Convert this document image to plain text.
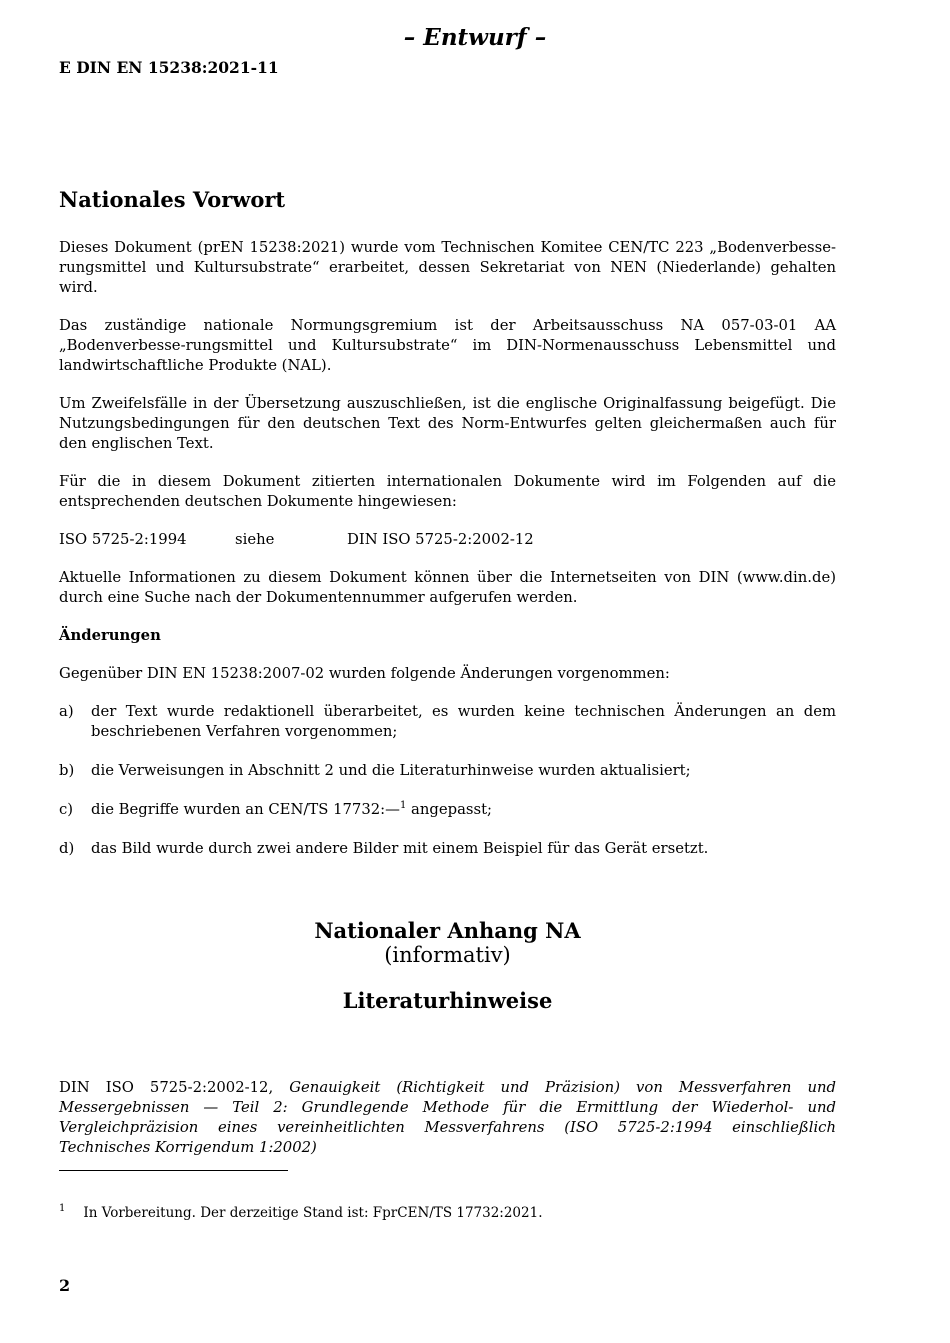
– Entwurf –
E DIN EN 15238:2021-11
Nationales Vorwort

Dieses Dokument (prEN 15238:2021) wurde vom Technischen Komitee CEN/TC 223 „Bodenverbesse-rungsmittel und Kultursubstrate“ erarbeitet, dessen Sekretariat von NEN (Niederlande) gehalten wird.

Das zuständige nationale Normungsgremium ist der Arbeitsausschuss NA 057-03-01 AA „Bodenverbesse-rungsmittel und Kultursubstrate“ im DIN-Normenausschuss Lebensmittel und landwirtschaftliche Produkte (NAL).

Um Zweifelsfälle in der Übersetzung auszuschließen, ist die englische Originalfassung beigefügt. Die Nutzungsbedingungen für den deutschen Text des Norm-Entwurfes gelten gleichermaßen auch für den englischen Text.

Für die in diesem Dokument zitierten internationalen Dokumente wird im Folgenden auf die entsprechenden deutschen Dokumente hingewiesen:

ISO 5725-2:1994	siehe	DIN ISO 5725-2:2002-12

Aktuelle Informationen zu diesem Dokument können über die Internetseiten von DIN (www.din.de) durch eine Suche nach der Dokumentennummer aufgerufen werden.

Änderungen

Gegenüber DIN EN 15238:2007-02 wurden folgende Änderungen vorgenommen:

a)	der Text wurde redaktionell überarbeitet, es wurden keine technischen Änderungen an dem beschriebenen Verfahren vorgenommen;
b)	die Verweisungen in Abschnitt 2 und die Literaturhinweise wurden aktualisiert;
c)	die Begriffe wurden an CEN/TS 17732:—$^1$ angepasst;
d)	das Bild wurde durch zwei andere Bilder mit einem Beispiel für das Gerät ersetzt.
Nationaler Anhang NA
(informativ)
Literaturhinweise
DIN ISO 5725-2:2002-12, Genauigkeit (Richtigkeit und Präzision) von Messverfahren und Messergebnissen — Teil 2: Grundlegende Methode für die Ermittlung der Wiederhol- und Vergleichpräzision eines vereinheitlichten Messverfahrens (ISO 5725-2:1994 einschließlich Technisches Korrigendum 1:2002)
$^1$ In Vorbereitung. Der derzeitige Stand ist: FprCEN/TS 17732:2021.
2
